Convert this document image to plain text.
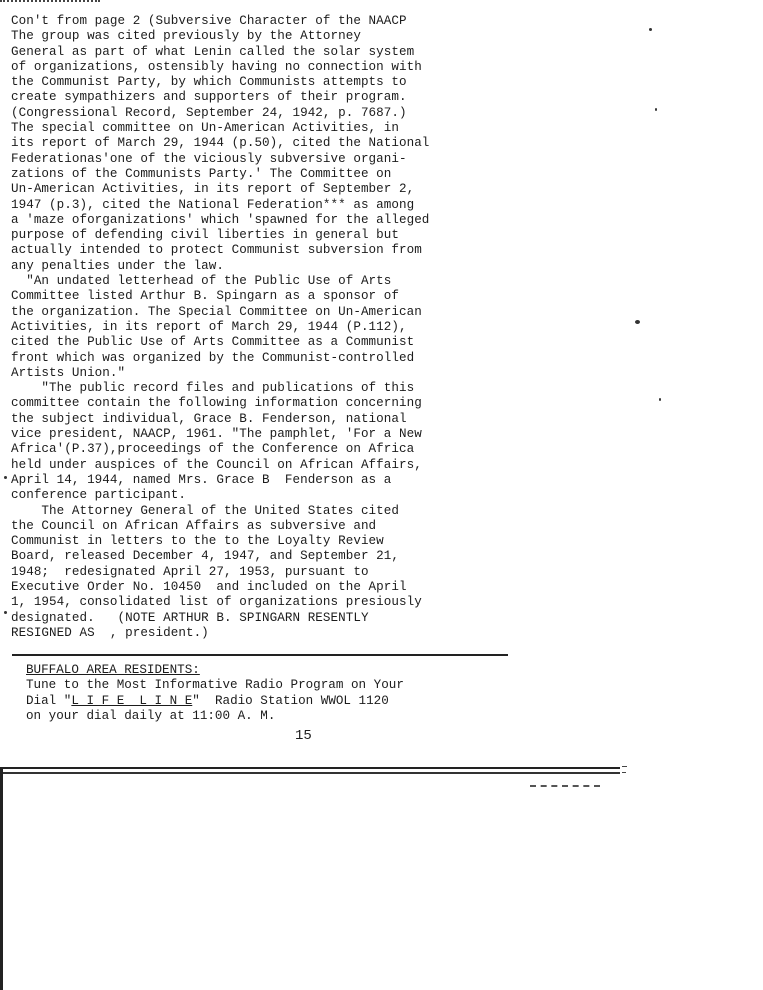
Con't from page 2 (Subversive Character of the NAACP
The group was cited previously by the Attorney
General as part of what Lenin called the solar system
of organizations, ostensibly having no connection with
the Communist Party, by which Communists attempts to
create sympathizers and supporters of their program.
(Congressional Record, September 24, 1942, p. 7687.)
The special committee on Un-American Activities, in
its report of March 29, 1944 (p.50), cited the National
Federationas'one of the viciously subversive organi-
zations of the Communists Party.' The Committee on
Un-American Activities, in its report of September 2,
1947 (p.3), cited the National Federation*** as among
a 'maze oforganizations' which 'spawned for the alleged
purpose of defending civil liberties in general but
actually intended to protect Communist subversion from
any penalties under the law.
"An undated letterhead of the Public Use of Arts
Committee listed Arthur B. Spingarn as a sponsor of
the organization. The Special Committee on Un-American
Activities, in its report of March 29, 1944 (P.112),
cited the Public Use of Arts Committee as a Communist
front which was organized by the Communist-controlled
Artists Union."
"The public record files and publications of this
committee contain the following information concerning
the subject individual, Grace B. Fenderson, national
vice president, NAACP, 1961. "The pamphlet, 'For a New
Africa'(P.37),proceedings of the Conference on Africa
held under auspices of the Council on African Affairs,
April 14, 1944, named Mrs. Grace B  Fenderson as a
conference participant.
The Attorney General of the United States cited
the Council on African Affairs as subversive and
Communist in letters to the to the Loyalty Review
Board, released December 4, 1947, and September 21,
1948;  redesignated April 27, 1953, pursuant to
Executive Order No. 10450  and included on the April
1, 1954, consolidated list of organizations presiously
designated.   (NOTE ARTHUR B. SPINGARN RESENTLY
RESIGNED AS  , president.)
BUFFALO AREA RESIDENTS:
Tune to the Most Informative Radio Program on Your
Dial "L I F E  L I N E"  Radio Station WWOL 1120
on your dial daily at 11:00 A. M.
15
